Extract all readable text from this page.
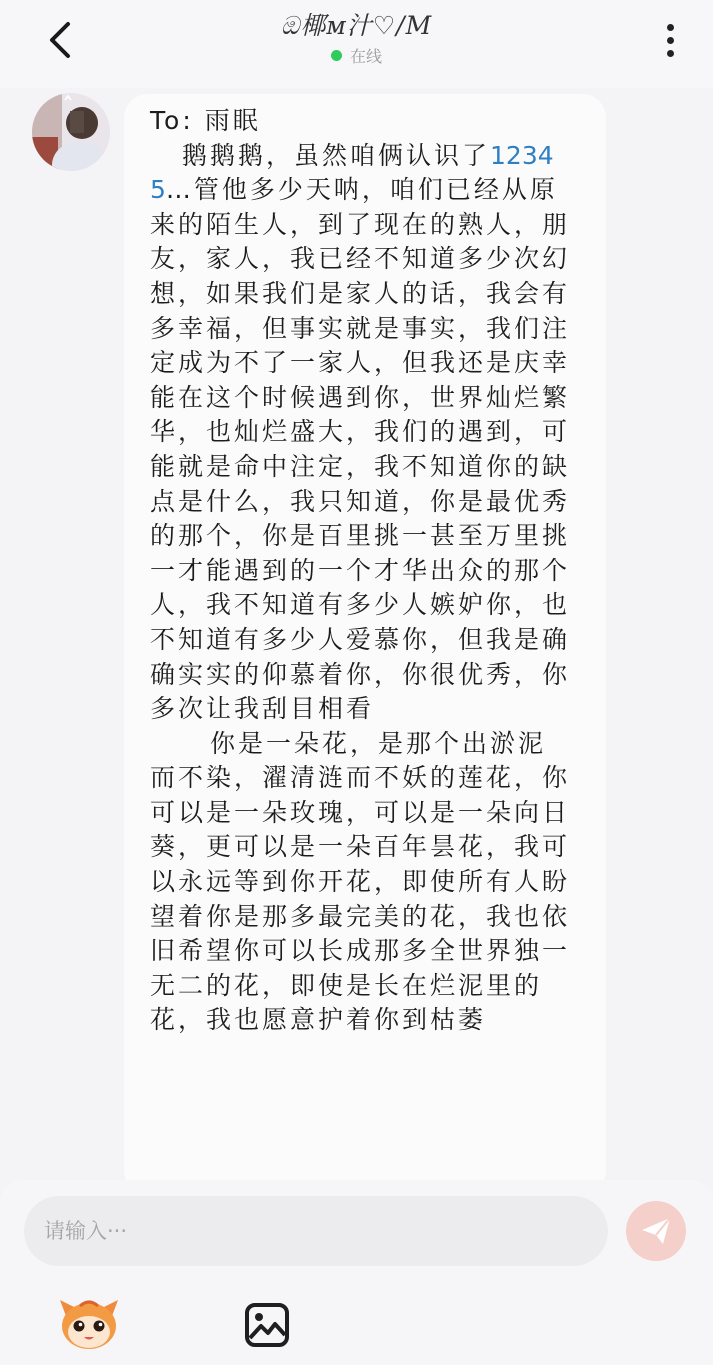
ඔ椰ᴍ汁♡/M
在线

To: 雨眠

鹅鹅鹅，虽然咱俩认识了12345…管他多少天呐，咱们已经从原来的陌生人，到了现在的熟人，朋友，家人，我已经不知道多少次幻想，如果我们是家人的话，我会有多幸福，但事实就是事实，我们注定成为不了一家人，但我还是庆幸能在这个时候遇到你，世界灿烂繁华，也灿烂盛大，我们的遇到，可能就是命中注定，我不知道你的缺点是什么，我只知道，你是最优秀的那个，你是百里挑一甚至万里挑一才能遇到的一个才华出众的那个人，我不知道有多少人嫉妒你，也不知道有多少人爱慕你，但我是确确实实的仰慕着你，你很优秀，你多次让我刮目相看

你是一朵花，是那个出淤泥而不染，濯清涟而不妖的莲花，你可以是一朵玫瑰，可以是一朵向日葵，更可以是一朵百年昙花，我可以永远等到你开花，即使所有人盼望着你是那多最完美的花，我也依旧希望你可以长成那多全世界独一无二的花，即使是长在烂泥里的花，我也愿意护着你到枯萎

请输入···
